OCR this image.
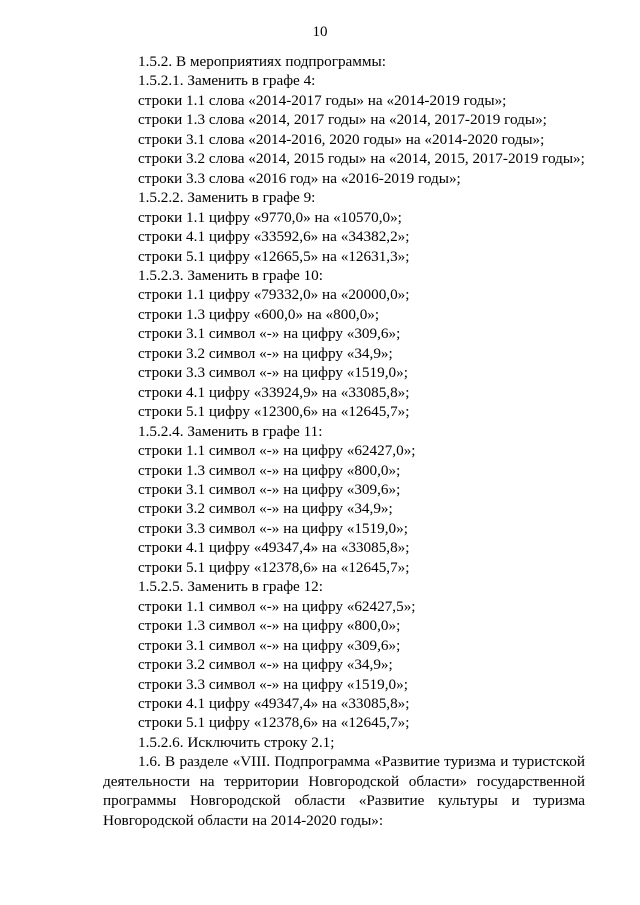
10
1.5.2. В мероприятиях подпрограммы:
1.5.2.1. Заменить в графе 4:
строки 1.1 слова «2014-2017 годы» на «2014-2019 годы»;
строки 1.3 слова «2014, 2017 годы» на «2014, 2017-2019 годы»;
строки 3.1 слова «2014-2016, 2020 годы» на «2014-2020 годы»;
строки 3.2 слова «2014, 2015 годы» на «2014, 2015, 2017-2019 годы»;
строки 3.3 слова «2016 год» на «2016-2019 годы»;
1.5.2.2. Заменить в графе 9:
строки 1.1 цифру «9770,0» на «10570,0»;
строки 4.1 цифру «33592,6» на «34382,2»;
строки 5.1 цифру «12665,5» на «12631,3»;
1.5.2.3. Заменить в графе 10:
строки 1.1 цифру «79332,0» на «20000,0»;
строки 1.3 цифру «600,0» на «800,0»;
строки 3.1 символ «-» на цифру «309,6»;
строки 3.2 символ «-» на цифру «34,9»;
строки 3.3 символ «-» на цифру «1519,0»;
строки 4.1 цифру «33924,9» на «33085,8»;
строки 5.1 цифру «12300,6» на «12645,7»;
1.5.2.4. Заменить в графе 11:
строки 1.1 символ «-» на цифру «62427,0»;
строки 1.3 символ «-» на цифру «800,0»;
строки 3.1 символ «-» на цифру «309,6»;
строки 3.2 символ «-» на цифру «34,9»;
строки 3.3 символ «-» на цифру «1519,0»;
строки 4.1 цифру «49347,4» на «33085,8»;
строки 5.1 цифру «12378,6» на «12645,7»;
1.5.2.5. Заменить в графе 12:
строки 1.1 символ «-» на цифру «62427,5»;
строки 1.3 символ «-» на цифру «800,0»;
строки 3.1 символ «-» на цифру «309,6»;
строки 3.2 символ «-» на цифру «34,9»;
строки 3.3 символ «-» на цифру «1519,0»;
строки 4.1 цифру «49347,4» на «33085,8»;
строки 5.1 цифру «12378,6» на «12645,7»;
1.5.2.6. Исключить строку 2.1;
1.6. В разделе «VIII. Подпрограмма «Развитие туризма и туристской
деятельности на территории Новгородской области» государственной
программы Новгородской области «Развитие культуры и туризма
Новгородской области на 2014-2020 годы»:
